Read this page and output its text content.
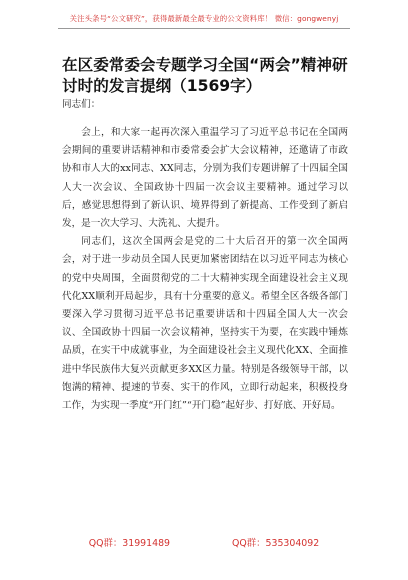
关注头条号“公文研究”，获得最新最全最专业的公文资料库！ 微信：gongwenyj
在区委常委会专题学习全国“两会”精神研讨时的发言提纲（1569字）
同志们：

会上，和大家一起再次深入重温学习了习近平总书记在全国两会期间的重要讲话精神和市委常委会扩大会议精神，还邀请了市政协和市人大的xx同志、XX同志，分别为我们专题讲解了十四届全国人大一次会议、全国政协十四届一次会议主要精神。通过学习以后，感觉思想得到了新认识、境界得到了新提高、工作受到了新启发，是一次大学习、大洗礼、大提升。

同志们，这次全国两会是党的二十大后召开的第一次全国两会，对于进一步动员全国人民更加紧密团结在以习近平同志为核心的党中央周围，全面贯彻党的二十大精神实现全面建设社会主义现代化XX顺利开局起步，具有十分重要的意义。希望全区各级各部门要深入学习贯彻习近平总书记重要讲话和十四届全国人大一次会议、全国政协十四届一次会议精神，坚持实干为要，在实践中锤炼品质，在实干中成就事业，为全面建设社会主义现代化XX、全面推进中华民族伟大复兴贡献更多XX区力量。特别是各级领导干部，以饱满的精神、提速的节奏、实干的作风，立即行动起来，积极投身工作，为实现一季度“开门红”“开门稳”起好步、打好底、开好局。

QQ群：31991489	QQ群：535304092
